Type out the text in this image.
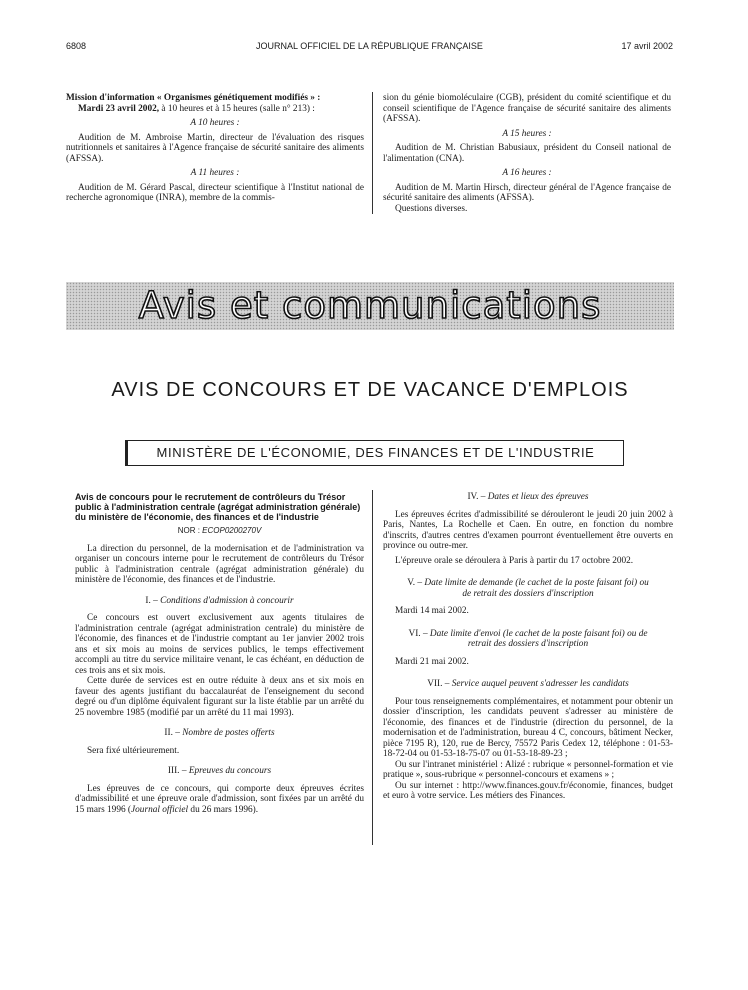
6808	JOURNAL OFFICIEL DE LA RÉPUBLIQUE FRANÇAISE	17 avril 2002

Mission d'information « Organismes génétiquement modifiés » :

Mardi 23 avril 2002, à 10 heures et à 15 heures (salle n° 213) :

A 10 heures :

Audition de M. Ambroise Martin, directeur de l'évaluation des risques nutritionnels et sanitaires à l'Agence française de sécurité sanitaire des aliments (AFSSA).

A 11 heures :

Audition de M. Gérard Pascal, directeur scientifique à l'Institut national de recherche agronomique (INRA), membre de la commis-

sion du génie biomoléculaire (CGB), président du comité scientifique et du conseil scientifique de l'Agence française de sécurité sanitaire des aliments (AFSSA).

A 15 heures :

Audition de M. Christian Babusiaux, président du Conseil national de l'alimentation (CNA).

A 16 heures :

Audition de M. Martin Hirsch, directeur général de l'Agence française de sécurité sanitaire des aliments (AFSSA).

Questions diverses.

Avis et communications
AVIS DE CONCOURS ET DE VACANCE D'EMPLOIS
MINISTÈRE DE L'ÉCONOMIE, DES FINANCES ET DE L'INDUSTRIE

Avis de concours pour le recrutement de contrôleurs du Trésor public à l'administration centrale (agrégat administration générale) du ministère de l'économie, des finances et de l'industrie

NOR : ECOP0200270V

La direction du personnel, de la modernisation et de l'administration va organiser un concours interne pour le recrutement de contrôleurs du Trésor public à l'administration centrale (agrégat administration générale) du ministère de l'économie, des finances et de l'industrie.

I. – Conditions d'admission à concourir

Ce concours est ouvert exclusivement aux agents titulaires de l'administration centrale (agrégat administration centrale) du ministère de l'économie, des finances et de l'industrie comptant au 1er janvier 2002 trois ans et six mois au moins de services publics, le temps effectivement accompli au titre du service militaire venant, le cas échéant, en déduction de ces trois ans et six mois.

Cette durée de services est en outre réduite à deux ans et six mois en faveur des agents justifiant du baccalauréat de l'enseignement du second degré ou d'un diplôme équivalent figurant sur la liste établie par un arrêté du 25 novembre 1985 (modifié par un arrêté du 11 mai 1993).

II. – Nombre de postes offerts

Sera fixé ultérieurement.

III. – Epreuves du concours

Les épreuves de ce concours, qui comporte deux épreuves écrites d'admissibilité et une épreuve orale d'admission, sont fixées par un arrêté du 15 mars 1996 (Journal officiel du 26 mars 1996).

IV. – Dates et lieux des épreuves

Les épreuves écrites d'admissibilité se dérouleront le jeudi 20 juin 2002 à Paris, Nantes, La Rochelle et Caen. En outre, en fonction du nombre d'inscrits, d'autres centres d'examen pourront éventuellement être ouverts en province ou outre-mer.

L'épreuve orale se déroulera à Paris à partir du 17 octobre 2002.

V. – Date limite de demande (le cachet de la poste faisant foi) ou de retrait des dossiers d'inscription

Mardi 14 mai 2002.

VI. – Date limite d'envoi (le cachet de la poste faisant foi) ou de retrait des dossiers d'inscription

Mardi 21 mai 2002.

VII. – Service auquel peuvent s'adresser les candidats

Pour tous renseignements complémentaires, et notamment pour obtenir un dossier d'inscription, les candidats peuvent s'adresser au ministère de l'économie, des finances et de l'industrie (direction du personnel, de la modernisation et de l'administration, bureau 4 C, concours, bâtiment Necker, pièce 7195 R), 120, rue de Bercy, 75572 Paris Cedex 12, téléphone : 01-53-18-72-04 ou 01-53-18-75-07 ou 01-53-18-89-23 ;

Ou sur l'intranet ministériel : Alizé : rubrique « personnel-formation et vie pratique », sous-rubrique « personnel-concours et examens » ;

Ou sur internet : http://www.finances.gouv.fr/économie, finances, budget et euro à votre service. Les métiers des Finances.
